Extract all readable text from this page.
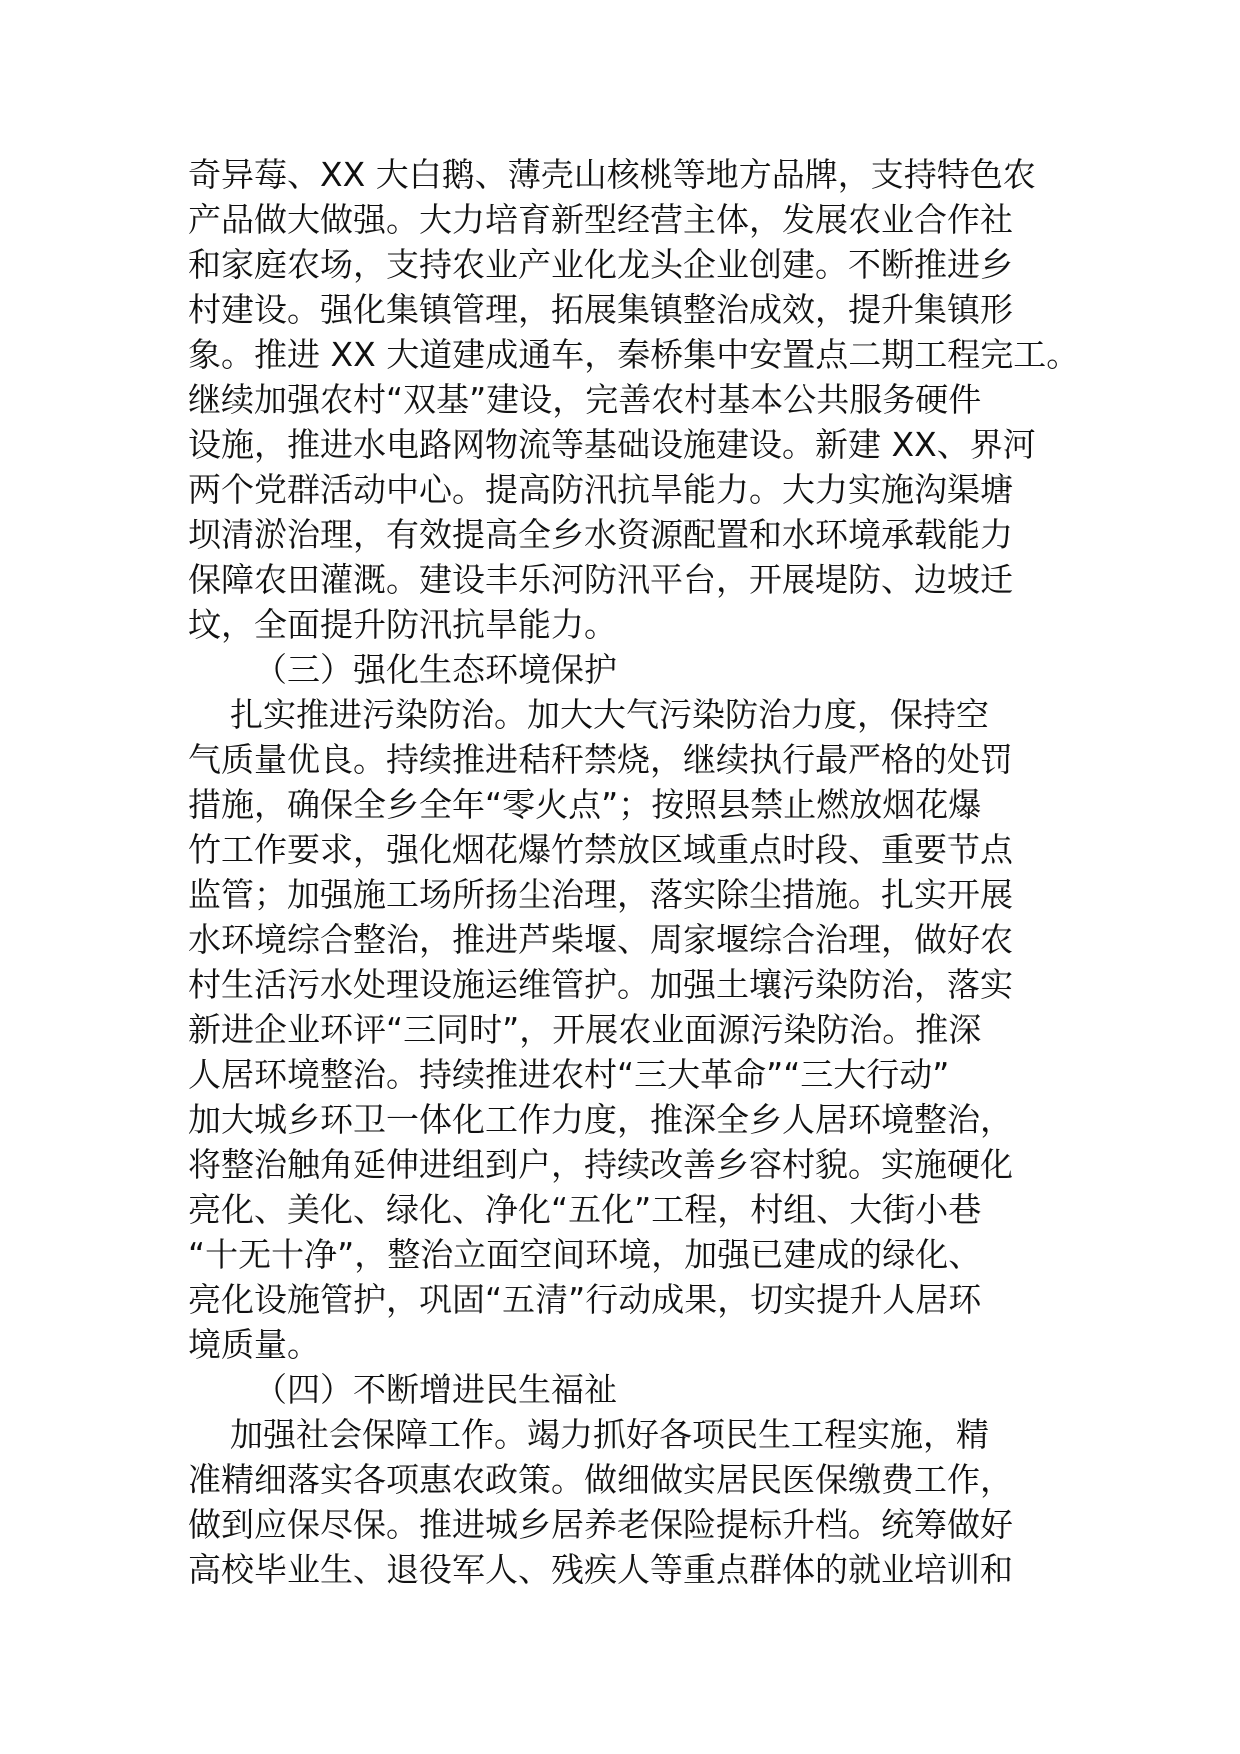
奇异莓、XX 大白鹅、薄壳山核桃等地方品牌，支持特色农
产品做大做强。大力培育新型经营主体，发展农业合作社
和家庭农场，支持农业产业化龙头企业创建。不断推进乡
村建设。强化集镇管理，拓展集镇整治成效，提升集镇形
象。推进 XX 大道建成通车，秦桥集中安置点二期工程完工。
继续加强农村“双基”建设，完善农村基本公共服务硬件
设施，推进水电路网物流等基础设施建设。新建 XX、界河
两个党群活动中心。提高防汛抗旱能力。大力实施沟渠塘
坝清淤治理，有效提高全乡水资源配置和水环境承载能力
保障农田灌溉。建设丰乐河防汛平台，开展堤防、边坡迁
坟，全面提升防汛抗旱能力。
（三）强化生态环境保护
扎实推进污染防治。加大大气污染防治力度，保持空
气质量优良。持续推进秸秆禁烧，继续执行最严格的处罚
措施，确保全乡全年“零火点”；按照县禁止燃放烟花爆
竹工作要求，强化烟花爆竹禁放区域重点时段、重要节点
监管；加强施工场所扬尘治理，落实除尘措施。扎实开展
水环境综合整治，推进芦柴堰、周家堰综合治理，做好农
村生活污水处理设施运维管护。加强土壤污染防治，落实
新进企业环评“三同时”，开展农业面源污染防治。推深
人居环境整治。持续推进农村“三大革命”“三大行动”
加大城乡环卫一体化工作力度，推深全乡人居环境整治，
将整治触角延伸进组到户，持续改善乡容村貌。实施硬化
亮化、美化、绿化、净化“五化”工程，村组、大街小巷
“十无十净”，整治立面空间环境，加强已建成的绿化、
亮化设施管护，巩固“五清”行动成果，切实提升人居环
境质量。
（四）不断增进民生福祉
加强社会保障工作。竭力抓好各项民生工程实施，精
准精细落实各项惠农政策。做细做实居民医保缴费工作，
做到应保尽保。推进城乡居养老保险提标升档。统筹做好
高校毕业生、退役军人、残疾人等重点群体的就业培训和
